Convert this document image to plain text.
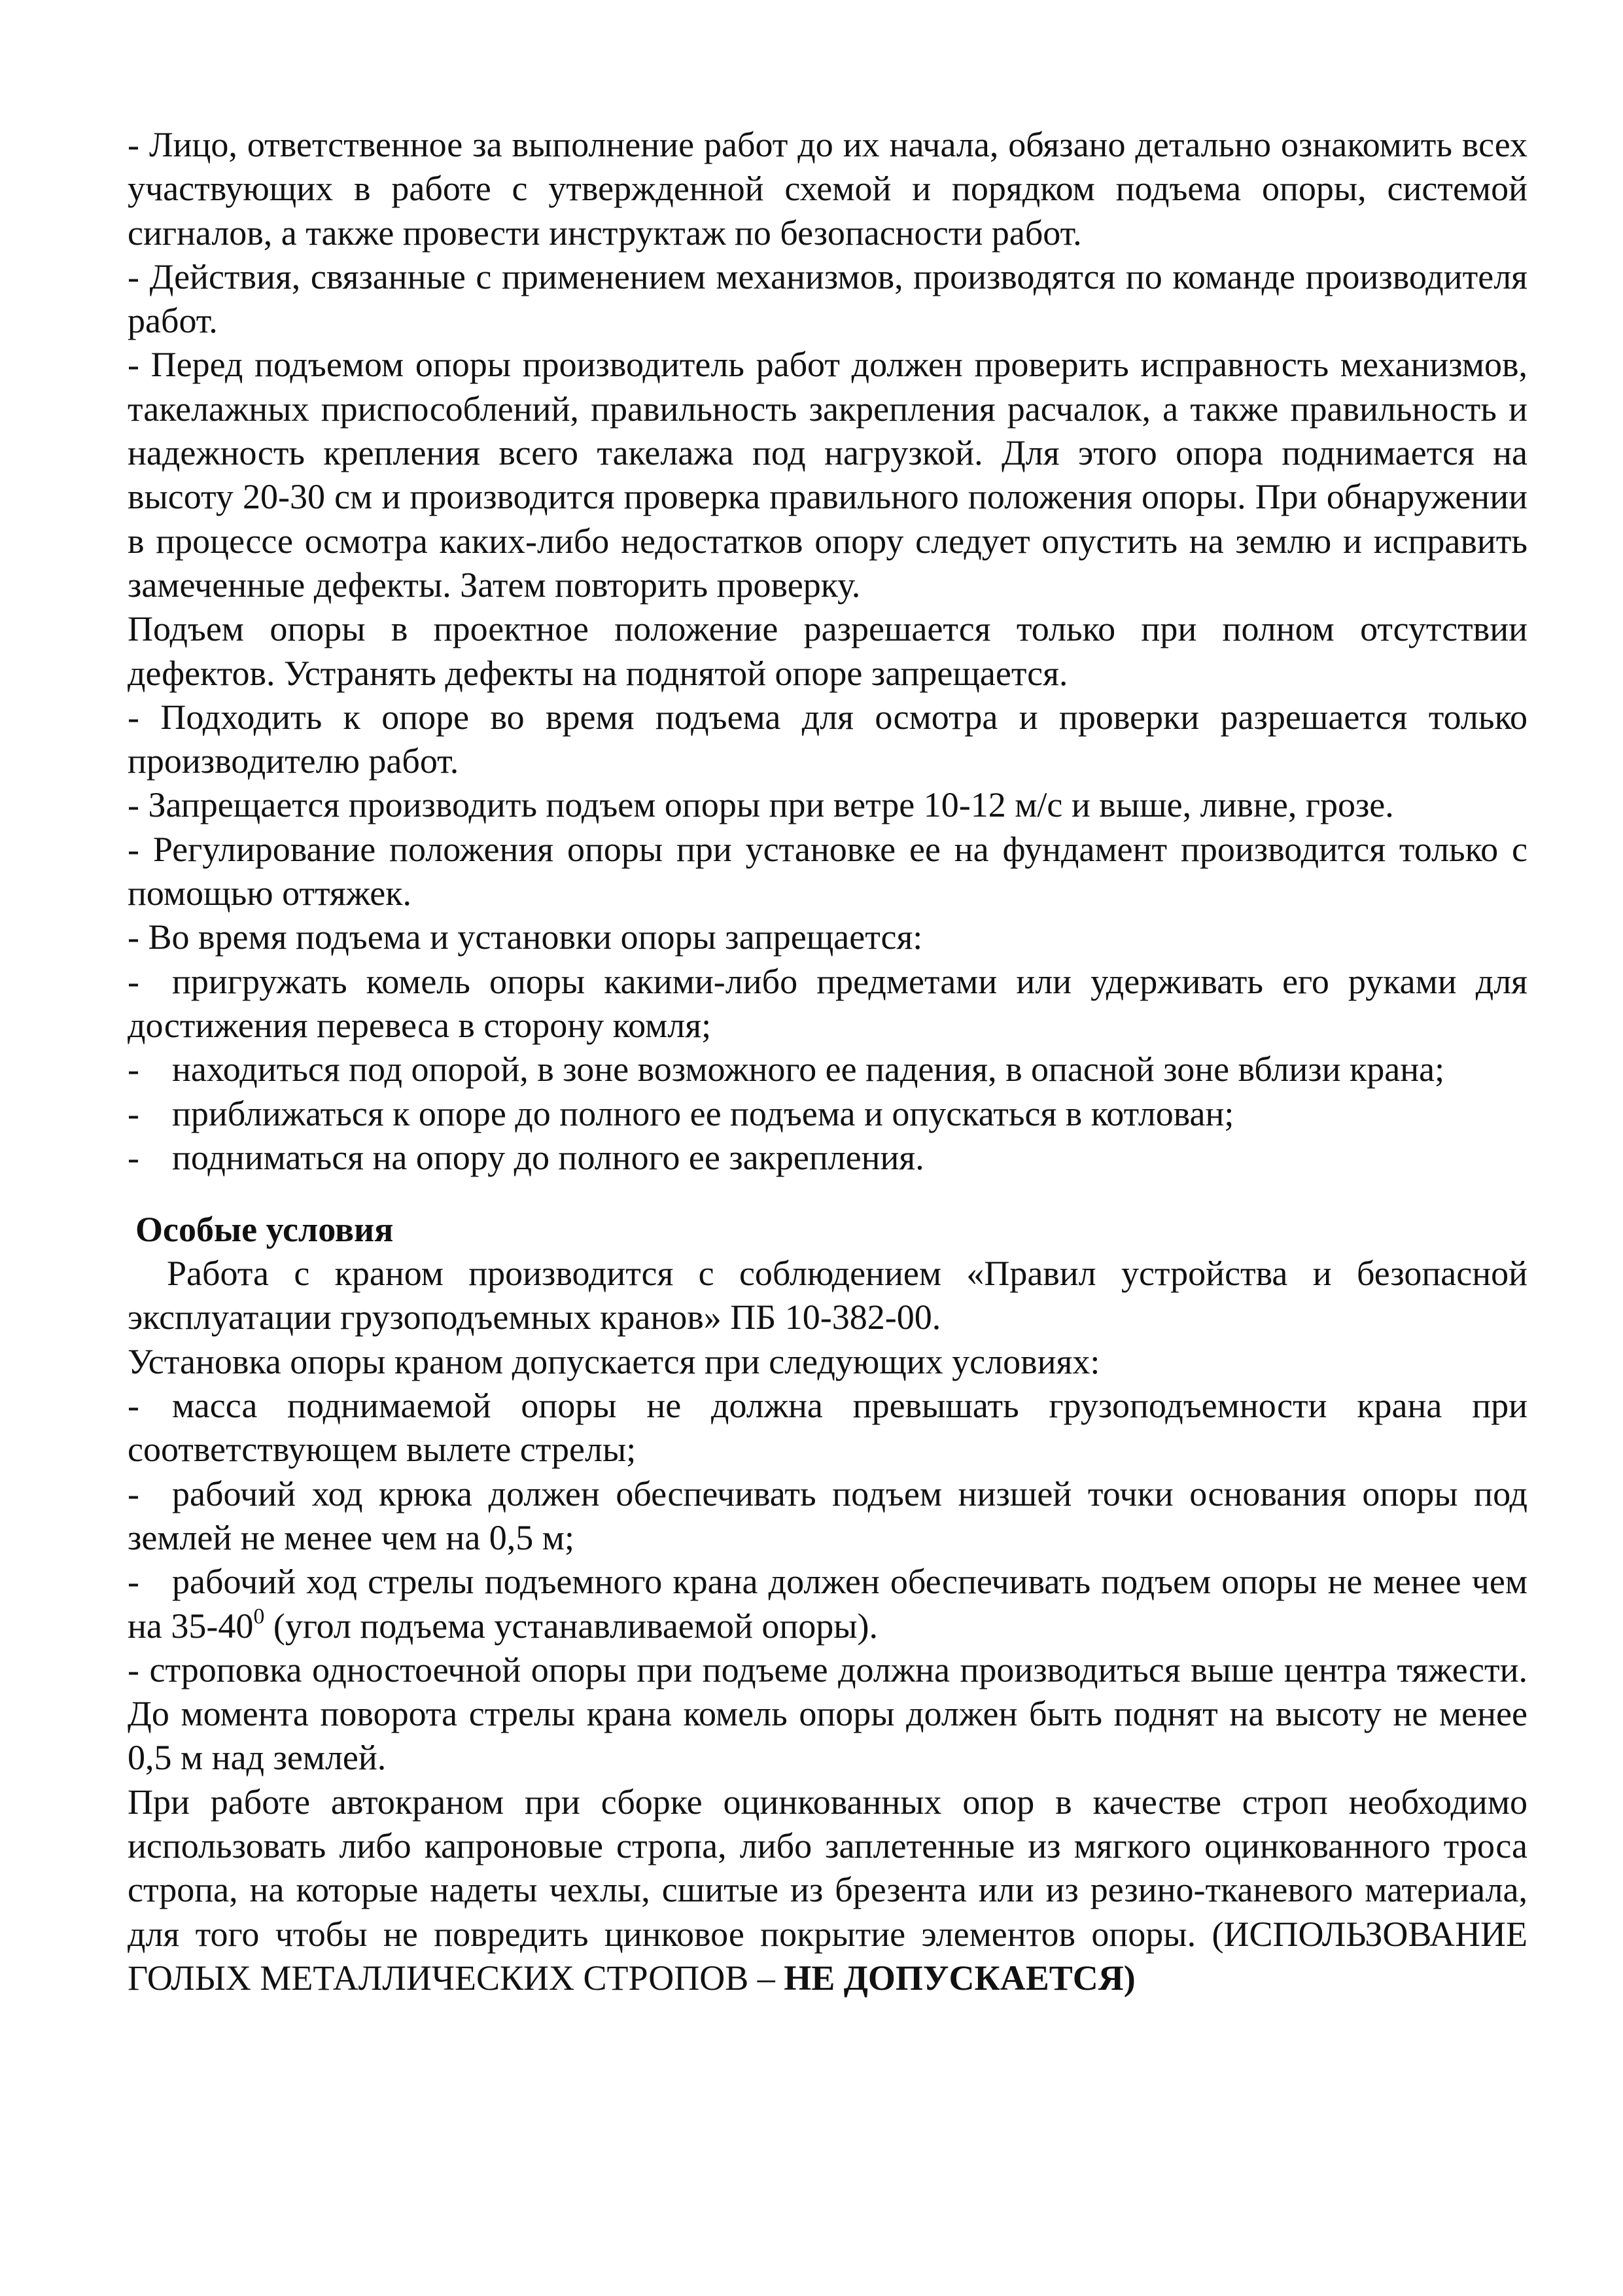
- Лицо, ответственное за выполнение работ до их начала, обязано детально ознакомить всех участвующих в работе с утвержденной схемой и порядком подъема опоры, системой сигналов, а также провести инструктаж по безопасности работ.

- Действия, связанные с применением механизмов, производятся по команде производителя работ.

- Перед подъемом опоры производитель работ должен проверить исправность механизмов, такелажных приспособлений, правильность закрепления расчалок, а также правильность и надежность крепления всего такелажа под нагрузкой. Для этого опора поднимается на высоту 20-30 см и производится проверка правильного положения опоры. При обнаружении в процессе осмотра каких-либо недостатков опору следует опустить на землю и исправить замеченные дефекты. Затем повторить проверку.

Подъем опоры в проектное положение разрешается только при полном отсутствии дефектов. Устранять дефекты на поднятой опоре запрещается.

- Подходить к опоре во время подъема для осмотра и проверки разрешается только производителю работ.

- Запрещается производить подъем опоры при ветре 10-12 м/с и выше, ливне, грозе.

- Регулирование положения опоры при установке ее на фундамент производится только с помощью оттяжек.

- Во время подъема и установки опоры запрещается:

- пригружать комель опоры какими-либо предметами или удерживать его руками для достижения перевеса в сторону комля;

- находиться под опорой, в зоне возможного ее падения, в опасной зоне вблизи крана;

- приближаться к опоре до полного ее подъема и опускаться в котлован;

- подниматься на опору до полного ее закрепления.

Особые условия

Работа с краном производится с соблюдением «Правил устройства и безопасной эксплуатации грузоподъемных кранов» ПБ 10-382-00.

Установка опоры краном допускается при следующих условиях:

- масса поднимаемой опоры не должна превышать грузоподъемности крана при соответствующем вылете стрелы;

- рабочий ход крюка должен обеспечивать подъем низшей точки основания опоры под землей не менее чем на 0,5 м;

- рабочий ход стрелы подъемного крана должен обеспечивать подъем опоры не менее чем на $35-40^0$ (угол подъема устанавливаемой опоры).

- строповка одностоечной опоры при подъеме должна производиться выше центра тяжести. До момента поворота стрелы крана комель опоры должен быть поднят на высоту не менее 0,5 м над землей.

При работе автокраном при сборке оцинкованных опор в качестве строп необходимо использовать либо капроновые стропа, либо заплетенные из мягкого оцинкованного троса стропа, на которые надеты чехлы, сшитые из брезента или из резино-тканевого материала, для того чтобы не повредить цинковое покрытие элементов опоры. (ИСПОЛЬЗОВАНИЕ ГОЛЫХ МЕТАЛЛИЧЕСКИХ СТРОПОВ – НЕ ДОПУСКАЕТСЯ)
